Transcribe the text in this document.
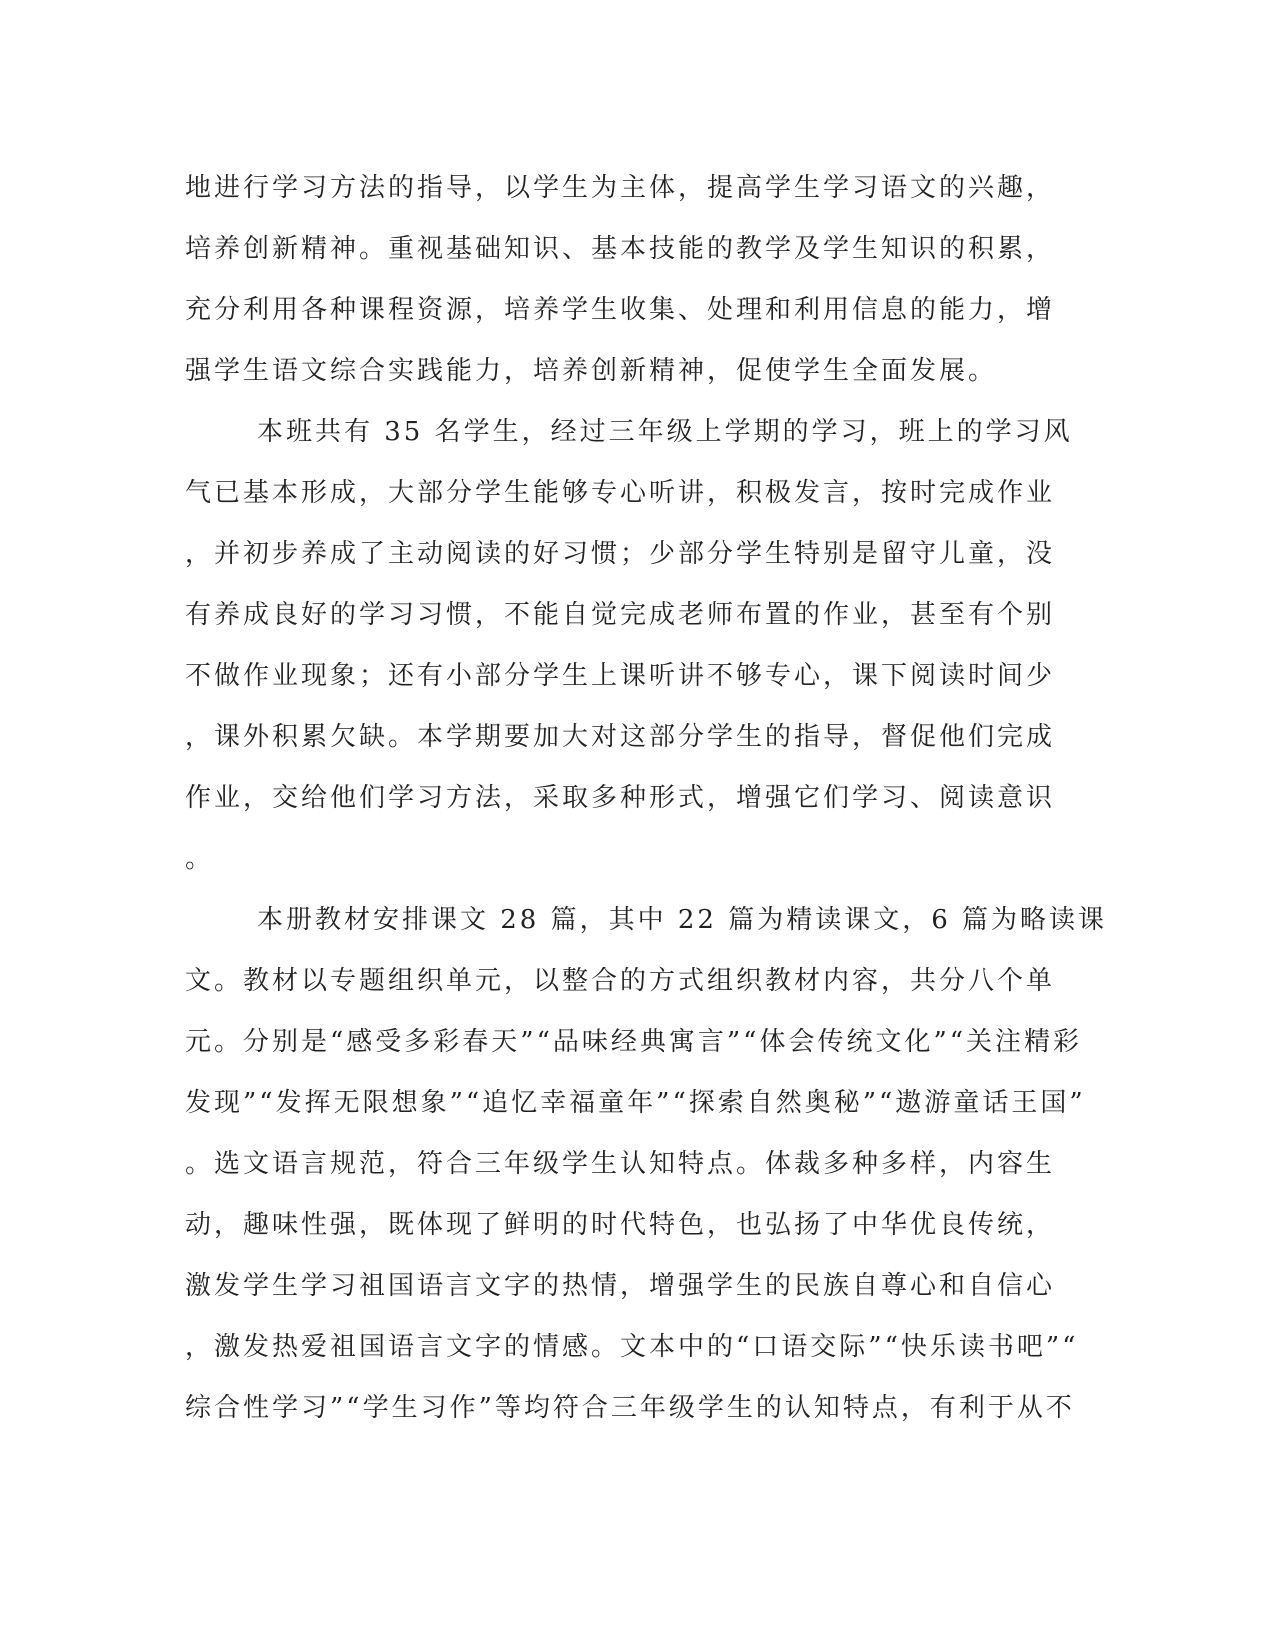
地进行学习方法的指导，以学生为主体，提高学生学习语文的兴趣，
培养创新精神。重视基础知识、基本技能的教学及学生知识的积累，
充分利用各种课程资源，培养学生收集、处理和利用信息的能力，增
强学生语文综合实践能力，培养创新精神，促使学生全面发展。
本班共有 35 名学生，经过三年级上学期的学习，班上的学习风
气已基本形成，大部分学生能够专心听讲，积极发言，按时完成作业
，并初步养成了主动阅读的好习惯；少部分学生特别是留守儿童，没
有养成良好的学习习惯，不能自觉完成老师布置的作业，甚至有个别
不做作业现象；还有小部分学生上课听讲不够专心，课下阅读时间少
，课外积累欠缺。本学期要加大对这部分学生的指导，督促他们完成
作业，交给他们学习方法，采取多种形式，增强它们学习、阅读意识
。
本册教材安排课文 28 篇，其中 22 篇为精读课文，6 篇为略读课
文。教材以专题组织单元，以整合的方式组织教材内容，共分八个单
元。分别是“感受多彩春天”“品味经典寓言”“体会传统文化”“关注精彩
发现”“发挥无限想象”“追忆幸福童年”“探索自然奥秘”“遨游童话王国”
。选文语言规范，符合三年级学生认知特点。体裁多种多样，内容生
动，趣味性强，既体现了鲜明的时代特色，也弘扬了中华优良传统，
激发学生学习祖国语言文字的热情，增强学生的民族自尊心和自信心
，激发热爱祖国语言文字的情感。文本中的“口语交际”“快乐读书吧”“
综合性学习”“学生习作”等均符合三年级学生的认知特点，有利于从不
